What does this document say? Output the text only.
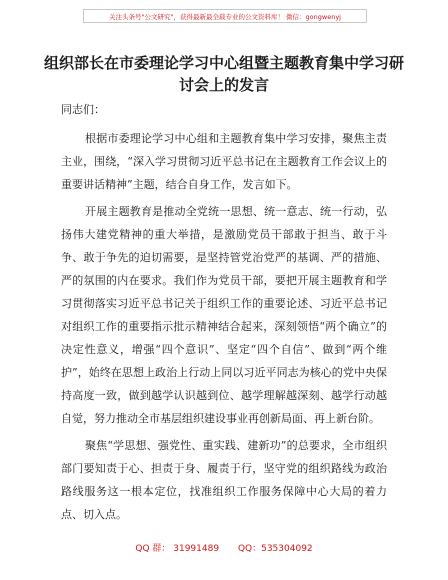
关注头条号"公文研究"，获得最新最全载专业的公文资料库！ 微信：gongwenyj
组织部长在市委理论学习中心组暨主题教育集中学习研讨会上的发言

同志们：

根据市委理论学习中心组和主题教育集中学习安排，聚焦主责主业，围绕，“深入学习贯彻习近平总书记在主题教育工作会议上的重要讲话精神”主题，结合自身工作，发言如下。

开展主题教育是推动全党统一思想、统一意志、统一行动，弘扬伟大建党精神的重大举措，是激励党员干部敢于担当、敢于斗争、敢于争先的迫切需要，是坚持管党治党严的基调、严的措施、严的氛围的内在要求。我们作为党员干部，要把开展主题教育和学习贯彻落实习近平总书记关于组织工作的重要论述、习近平总书记对组织工作的重要指示批示精神结合起来，深刻领悟“两个确立”的决定性意义，增强“四个意识”、坚定“四个自信”、做到“两个维护”，始终在思想上政治上行动上同以习近平同志为核心的党中央保持高度一致，做到越学认识越到位、越学理解越深刻、越学行动越自觉，努力推动全市基层组织建设事业再创新局面、再上新台阶。

聚焦“学思想、强党性、重实践、建新功”的总要求，全市组织部门要知责于心、担责于身、履责于行，坚守党的组织路线为政治路线服务这一根本定位，找准组织工作服务保障中心大局的着力点、切入点。

QQ 群： 31991489 QQ：535304092
